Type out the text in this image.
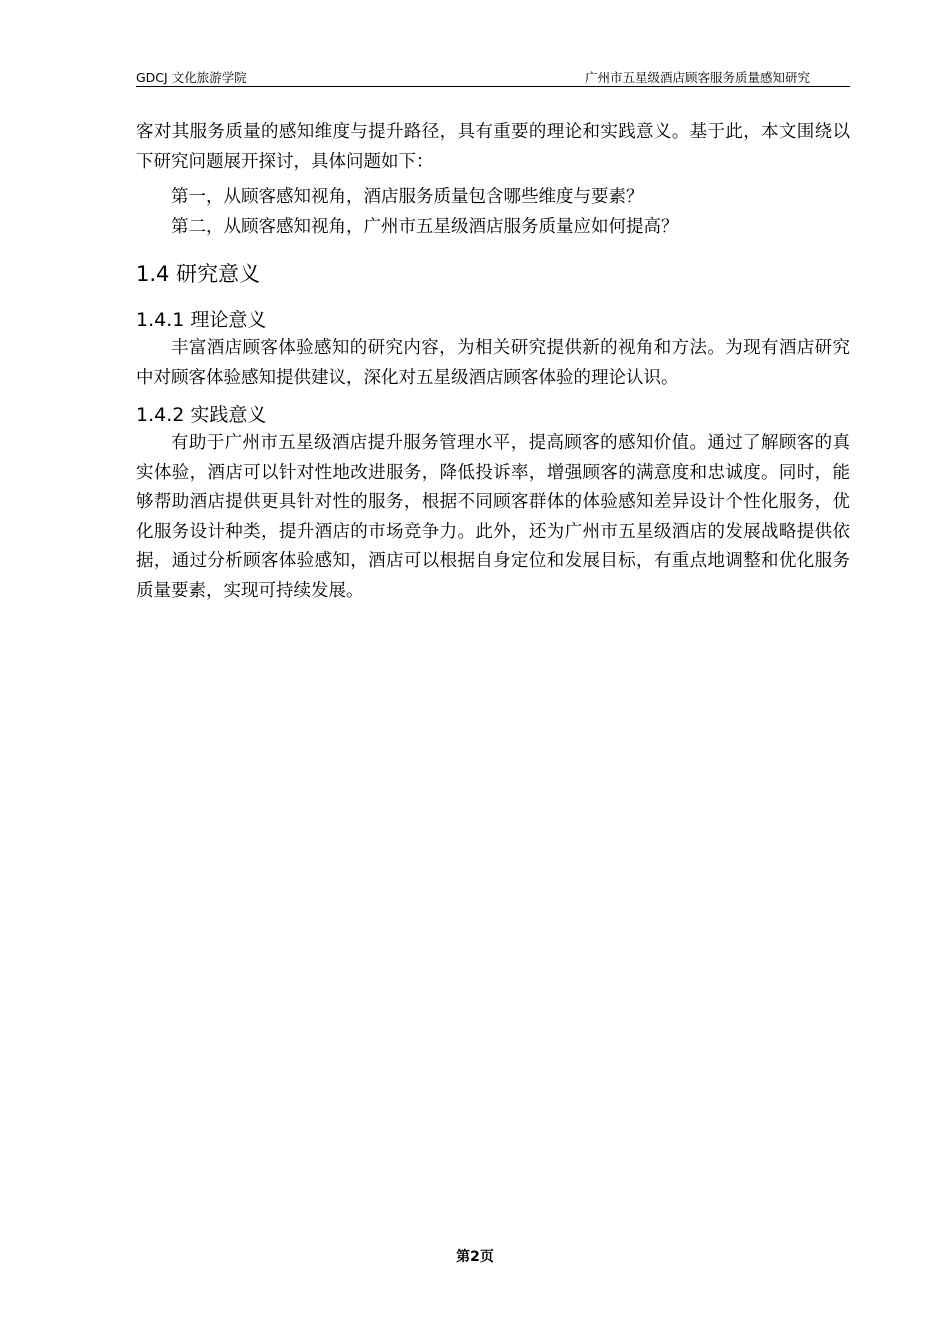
GDCJ 文化旅游学院	广州市五星级酒店顾客服务质量感知研究

客对其服务质量的感知维度与提升路径，具有重要的理论和实践意义。基于此，本文围绕以下研究问题展开探讨，具体问题如下：

第一，从顾客感知视角，酒店服务质量包含哪些维度与要素？

第二，从顾客感知视角，广州市五星级酒店服务质量应如何提高？

1.4 研究意义
1.4.1 理论意义

丰富酒店顾客体验感知的研究内容，为相关研究提供新的视角和方法。为现有酒店研究中对顾客体验感知提供建议，深化对五星级酒店顾客体验的理论认识。

1.4.2 实践意义

有助于广州市五星级酒店提升服务管理水平，提高顾客的感知价值。通过了解顾客的真实体验，酒店可以针对性地改进服务，降低投诉率，增强顾客的满意度和忠诚度。同时，能够帮助酒店提供更具针对性的服务，根据不同顾客群体的体验感知差异设计个性化服务，优化服务设计种类，提升酒店的市场竞争力。此外，还为广州市五星级酒店的发展战略提供依据，通过分析顾客体验感知，酒店可以根据自身定位和发展目标，有重点地调整和优化服务质量要素，实现可持续发展。

第2页
